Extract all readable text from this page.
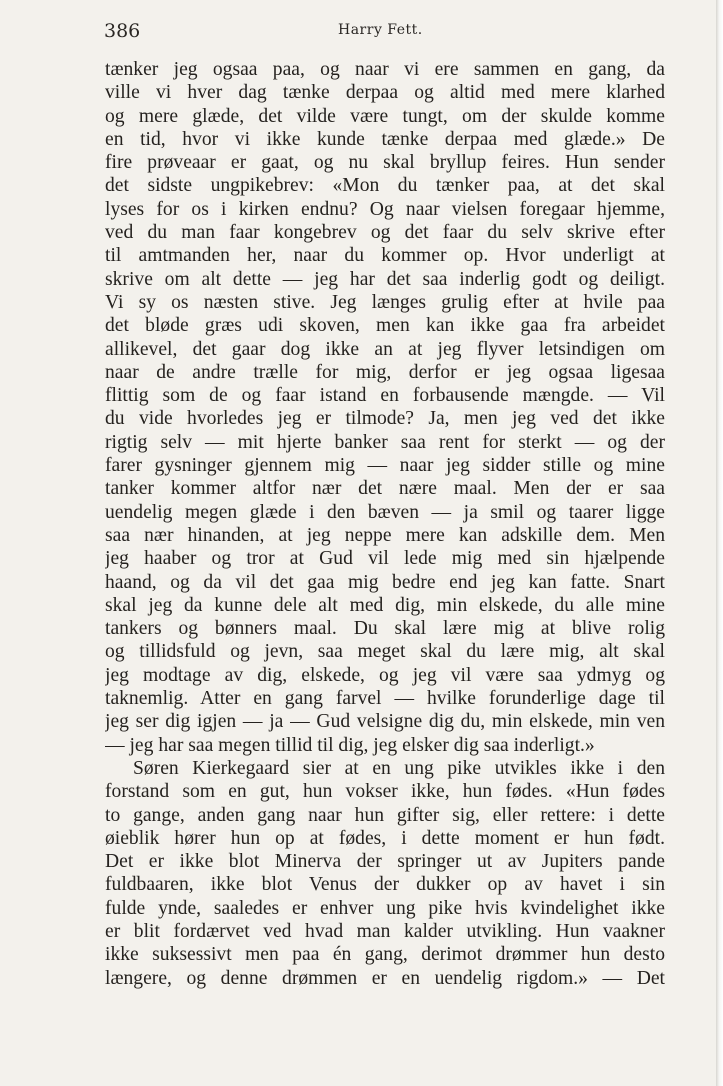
386	Harry Fett.
tænker jeg ogsaa paa, og naar vi ere sammen en gang, da
ville vi hver dag tænke derpaa og altid med mere klarhed
og mere glæde, det vilde være tungt, om der skulde komme
en tid, hvor vi ikke kunde tænke derpaa med glæde.» De
fire prøveaar er gaat, og nu skal bryllup feires. Hun sender
det sidste ungpikebrev: «Mon du tænker paa, at det skal
lyses for os i kirken endnu? Og naar vielsen foregaar hjemme,
ved du man faar kongebrev og det faar du selv skrive efter
til amtmanden her, naar du kommer op. Hvor underligt at
skrive om alt dette — jeg har det saa inderlig godt og deiligt.
Vi sy os næsten stive. Jeg længes grulig efter at hvile paa
det bløde græs udi skoven, men kan ikke gaa fra arbeidet
allikevel, det gaar dog ikke an at jeg flyver letsindigen om
naar de andre trælle for mig, derfor er jeg ogsaa ligesaa
flittig som de og faar istand en forbausende mængde. — Vil
du vide hvorledes jeg er tilmode? Ja, men jeg ved det ikke
rigtig selv — mit hjerte banker saa rent for sterkt — og der
farer gysninger gjennem mig — naar jeg sidder stille og mine
tanker kommer altfor nær det nære maal. Men der er saa
uendelig megen glæde i den bæven — ja smil og taarer ligge
saa nær hinanden, at jeg neppe mere kan adskille dem. Men
jeg haaber og tror at Gud vil lede mig med sin hjælpende
haand, og da vil det gaa mig bedre end jeg kan fatte. Snart
skal jeg da kunne dele alt med dig, min elskede, du alle mine
tankers og bønners maal. Du skal lære mig at blive rolig
og tillidsfuld og jevn, saa meget skal du lære mig, alt skal
jeg modtage av dig, elskede, og jeg vil være saa ydmyg og
taknemlig. Atter en gang farvel — hvilke forunderlige dage til
jeg ser dig igjen — ja — Gud velsigne dig du, min elskede, min ven
— jeg har saa megen tillid til dig, jeg elsker dig saa inderligt.»
Søren Kierkegaard sier at en ung pike utvikles ikke i den
forstand som en gut, hun vokser ikke, hun fødes. «Hun fødes
to gange, anden gang naar hun gifter sig, eller rettere: i dette
øieblik hører hun op at fødes, i dette moment er hun født.
Det er ikke blot Minerva der springer ut av Jupiters pande
fuldbaaren, ikke blot Venus der dukker op av havet i sin
fulde ynde, saaledes er enhver ung pike hvis kvindelighet ikke
er blit fordærvet ved hvad man kalder utvikling. Hun vaakner
ikke suksessivt men paa én gang, derimot drømmer hun desto
længere, og denne drømmen er en uendelig rigdom.» — Det
